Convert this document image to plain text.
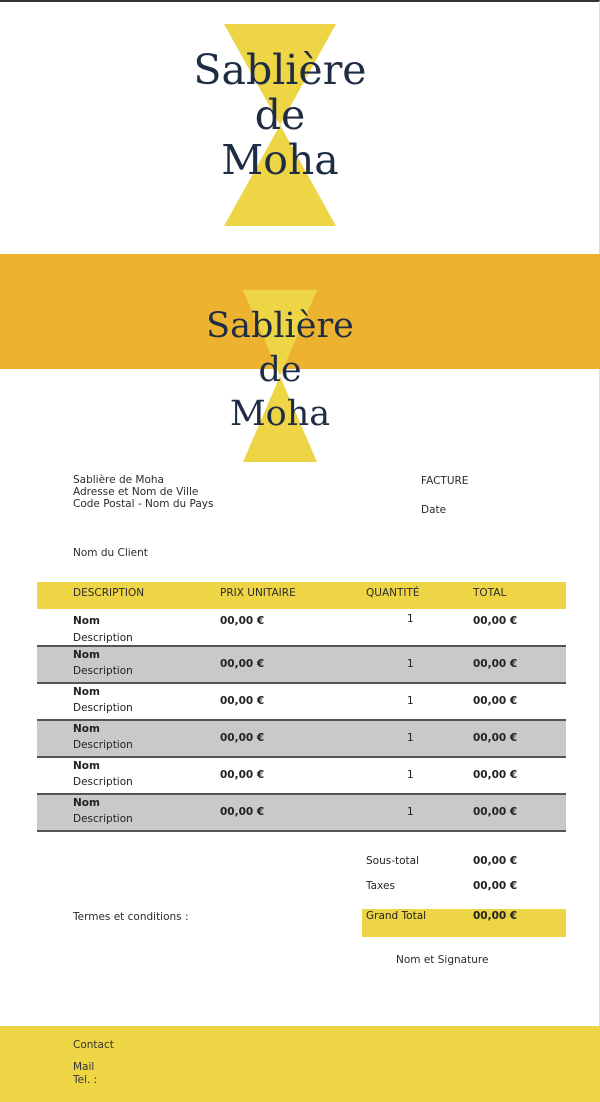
Sablière
de
Moha
Sablière
de
Moha
Sablière de Moha
Adresse et Nom de Ville
Code Postal - Nom du Pays
FACTURE
Date
Nom du Client
DESCRIPTION	PRIX UNITAIRE	QUANTITÉ	TOTAL
Nom
Description
00,00 €	1	00,00 €
Nom
Description
00,00 €	1	00,00 €
Nom
Description
00,00 €	1	00,00 €
Nom
Description
00,00 €	1	00,00 €
Nom
Description
00,00 €	1	00,00 €
Nom
Description
00,00 €	1	00,00 €
Sous-total	00,00 €
Taxes	00,00 €
Grand Total	00,00 €
Termes et conditions :
Nom et Signature
Contact
Mail
Tel. :
